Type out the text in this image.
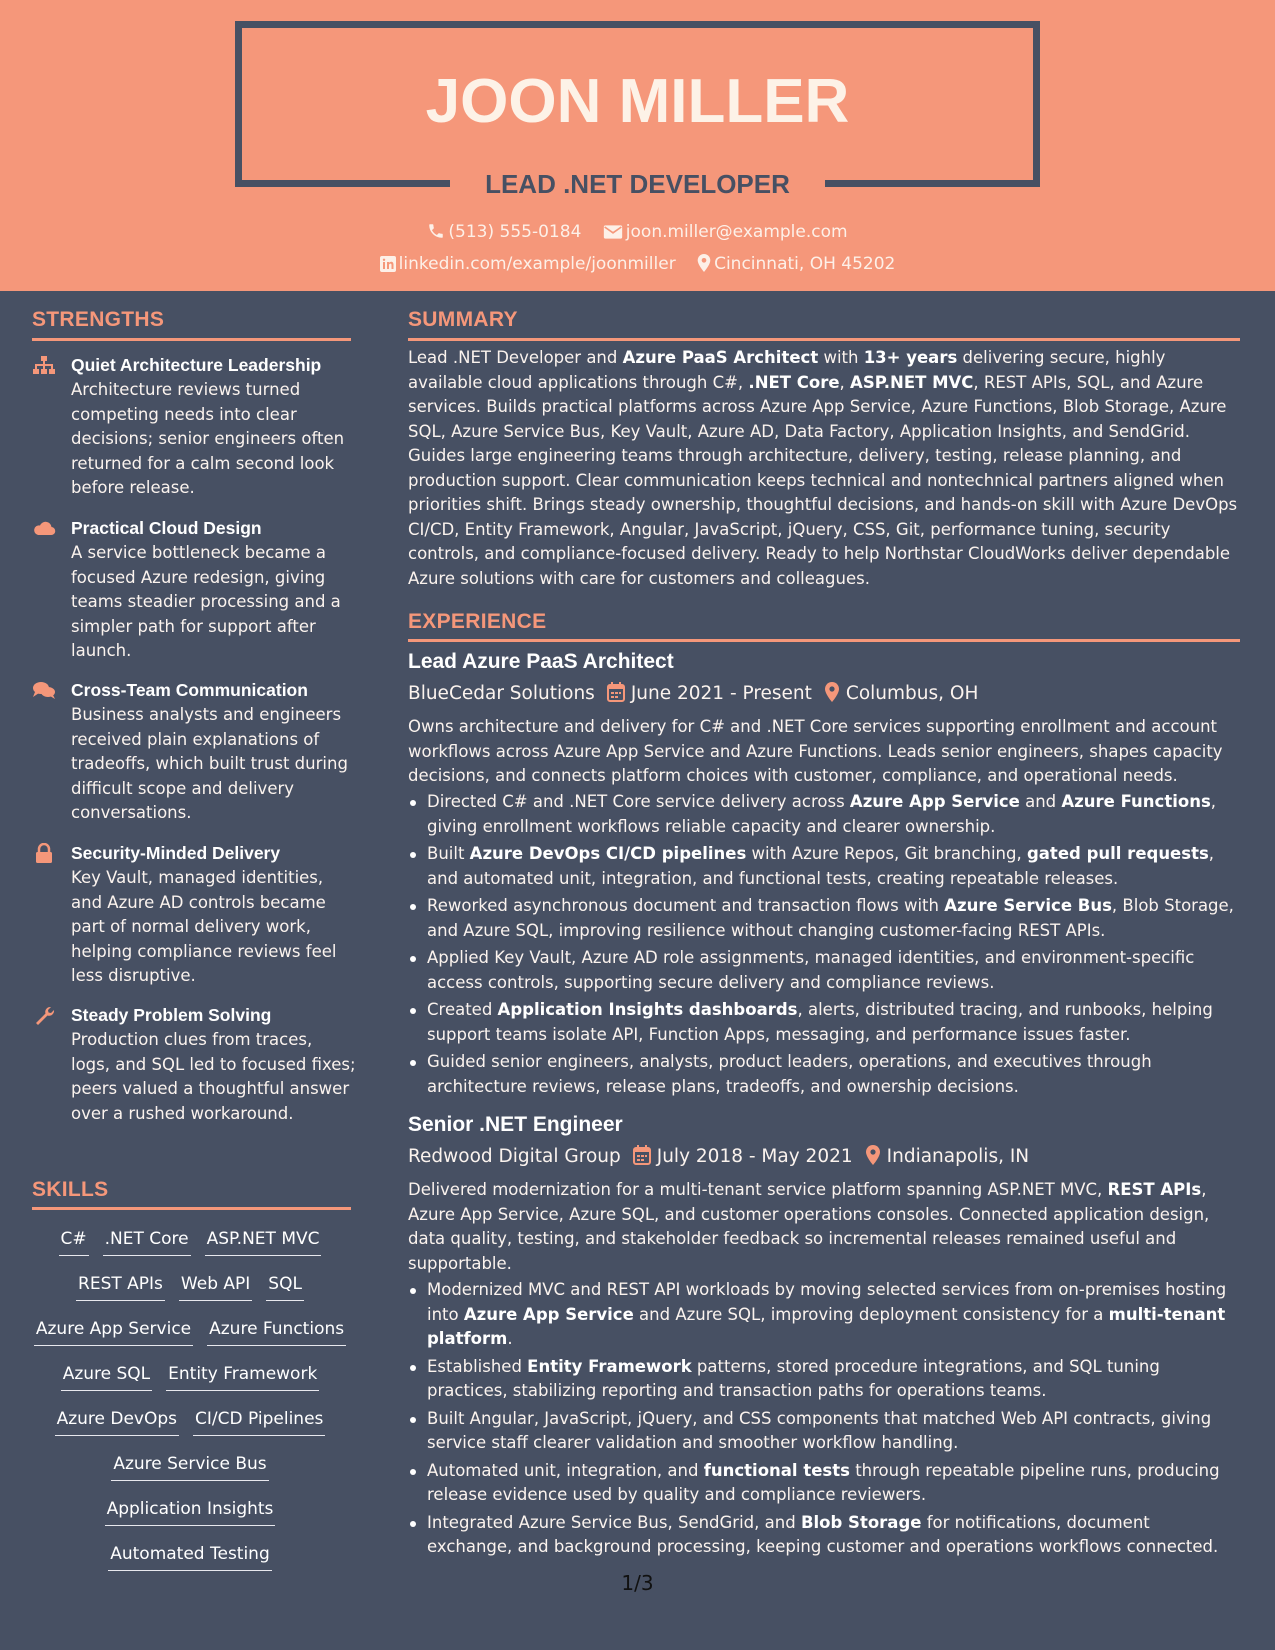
JOON MILLER
LEAD .NET DEVELOPER
(513) 555-0184	joon.miller@example.com
linkedin.com/example/joonmiller Cincinnati, OH 45202
STRENGTHS
Quiet Architecture Leadership
Architecture reviews turned competing needs into clear decisions; senior engineers often returned for a calm second look before release.
Practical Cloud Design
A service bottleneck became a focused Azure redesign, giving teams steadier processing and a simpler path for support after launch.
Cross-Team Communication
Business analysts and engineers received plain explanations of tradeoffs, which built trust during difficult scope and delivery conversations.
Security-Minded Delivery
Key Vault, managed identities, and Azure AD controls became part of normal delivery work, helping compliance reviews feel less disruptive.
Steady Problem Solving
Production clues from traces, logs, and SQL led to focused fixes; peers valued a thoughtful answer over a rushed workaround.
SKILLS
C# .NET Core ASP.NET MVC
REST APIs Web API SQL
Azure App Service Azure Functions
Azure SQL Entity Framework
Azure DevOps CI/CD Pipelines
Azure Service Bus
Application Insights
Automated Testing
SUMMARY
Lead .NET Developer and Azure PaaS Architect with 13+ years delivering secure, highly available cloud applications through C#, .NET Core, ASP.NET MVC, REST APIs, SQL, and Azure services. Builds practical platforms across Azure App Service, Azure Functions, Blob Storage, Azure SQL, Azure Service Bus, Key Vault, Azure AD, Data Factory, Application Insights, and SendGrid. Guides large engineering teams through architecture, delivery, testing, release planning, and production support. Clear communication keeps technical and nontechnical partners aligned when priorities shift. Brings steady ownership, thoughtful decisions, and hands-on skill with Azure DevOps CI/CD, Entity Framework, Angular, JavaScript, jQuery, CSS, Git, performance tuning, security controls, and compliance-focused delivery. Ready to help Northstar CloudWorks deliver dependable Azure solutions with care for customers and colleagues.
EXPERIENCE
Lead Azure PaaS Architect
BlueCedar Solutions June 2021 - Present Columbus, OH
Owns architecture and delivery for C# and .NET Core services supporting enrollment and account workflows across Azure App Service and Azure Functions. Leads senior engineers, shapes capacity decisions, and connects platform choices with customer, compliance, and operational needs.
Directed C# and .NET Core service delivery across Azure App Service and Azure Functions, giving enrollment workflows reliable capacity and clearer ownership.
Built Azure DevOps CI/CD pipelines with Azure Repos, Git branching, gated pull requests, and automated unit, integration, and functional tests, creating repeatable releases.
Reworked asynchronous document and transaction flows with Azure Service Bus, Blob Storage, and Azure SQL, improving resilience without changing customer-facing REST APIs.
Applied Key Vault, Azure AD role assignments, managed identities, and environment-specific access controls, supporting secure delivery and compliance reviews.
Created Application Insights dashboards, alerts, distributed tracing, and runbooks, helping support teams isolate API, Function Apps, messaging, and performance issues faster.
Guided senior engineers, analysts, product leaders, operations, and executives through architecture reviews, release plans, tradeoffs, and ownership decisions.
Senior .NET Engineer
Redwood Digital Group July 2018 - May 2021 Indianapolis, IN
Delivered modernization for a multi-tenant service platform spanning ASP.NET MVC, REST APIs, Azure App Service, Azure SQL, and customer operations consoles. Connected application design, data quality, testing, and stakeholder feedback so incremental releases remained useful and supportable.
Modernized MVC and REST API workloads by moving selected services from on-premises hosting into Azure App Service and Azure SQL, improving deployment consistency for a multi-tenant platform.
Established Entity Framework patterns, stored procedure integrations, and SQL tuning practices, stabilizing reporting and transaction paths for operations teams.
Built Angular, JavaScript, jQuery, and CSS components that matched Web API contracts, giving service staff clearer validation and smoother workflow handling.
Automated unit, integration, and functional tests through repeatable pipeline runs, producing release evidence used by quality and compliance reviewers.
Integrated Azure Service Bus, SendGrid, and Blob Storage for notifications, document exchange, and background processing, keeping customer and operations workflows connected.
1/3
